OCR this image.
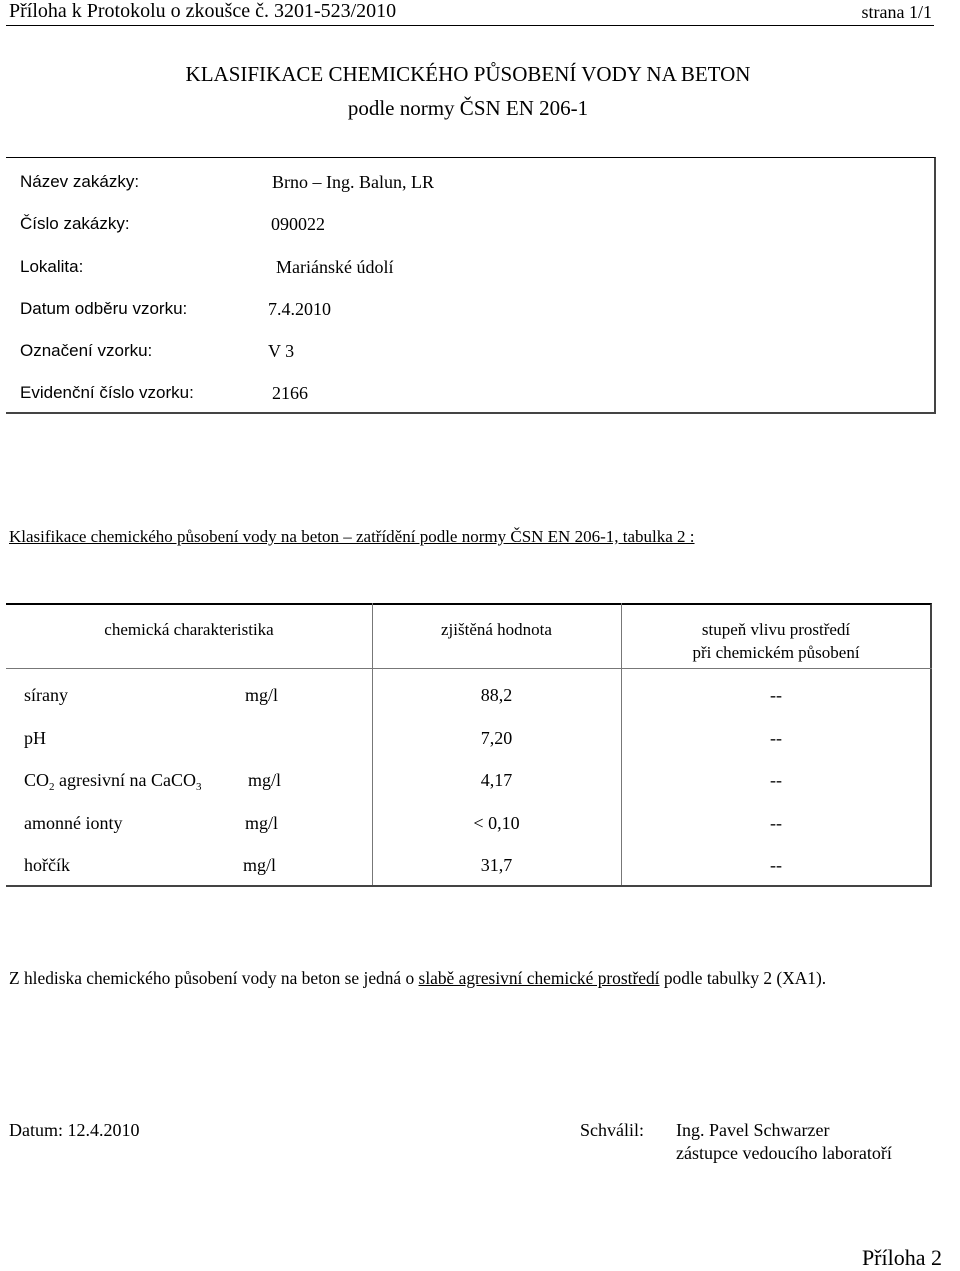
Příloha k Protokolu o zkoušce č. 3201-523/2010	strana 1/1
KLASIFIKACE CHEMICKÉHO PŮSOBENÍ VODY NA BETON
podle normy ČSN EN 206-1
Název zakázky:	Brno – Ing. Balun, LR
Číslo zakázky:	090022
Lokalita:	Mariánské údolí
Datum odběru vzorku:	7.4.2010
Označení vzorku:	V 3
Evidenční číslo vzorku:	2166
Klasifikace chemického působení vody na beton – zatřídění podle normy ČSN EN 206-1, tabulka 2 :
chemická charakteristika	zjištěná hodnota	stupeň vlivu prostředí
při chemickém působení
sírany	mg/l	88,2	--
pH	7,20	--
$CO_2$ agresivní na CaCO$_3$	mg/l	4,17	--
amonné ionty	mg/l	< 0,10	--
hořčík	mg/l	31,7	--
Z hlediska chemického působení vody na beton se jedná o slabě agresivní chemické prostředí podle tabulky 2 (XA1).
Datum: 12.4.2010	Schválil: Ing. Pavel Schwarzer
zástupce vedoucího laboratoří
Příloha 2
